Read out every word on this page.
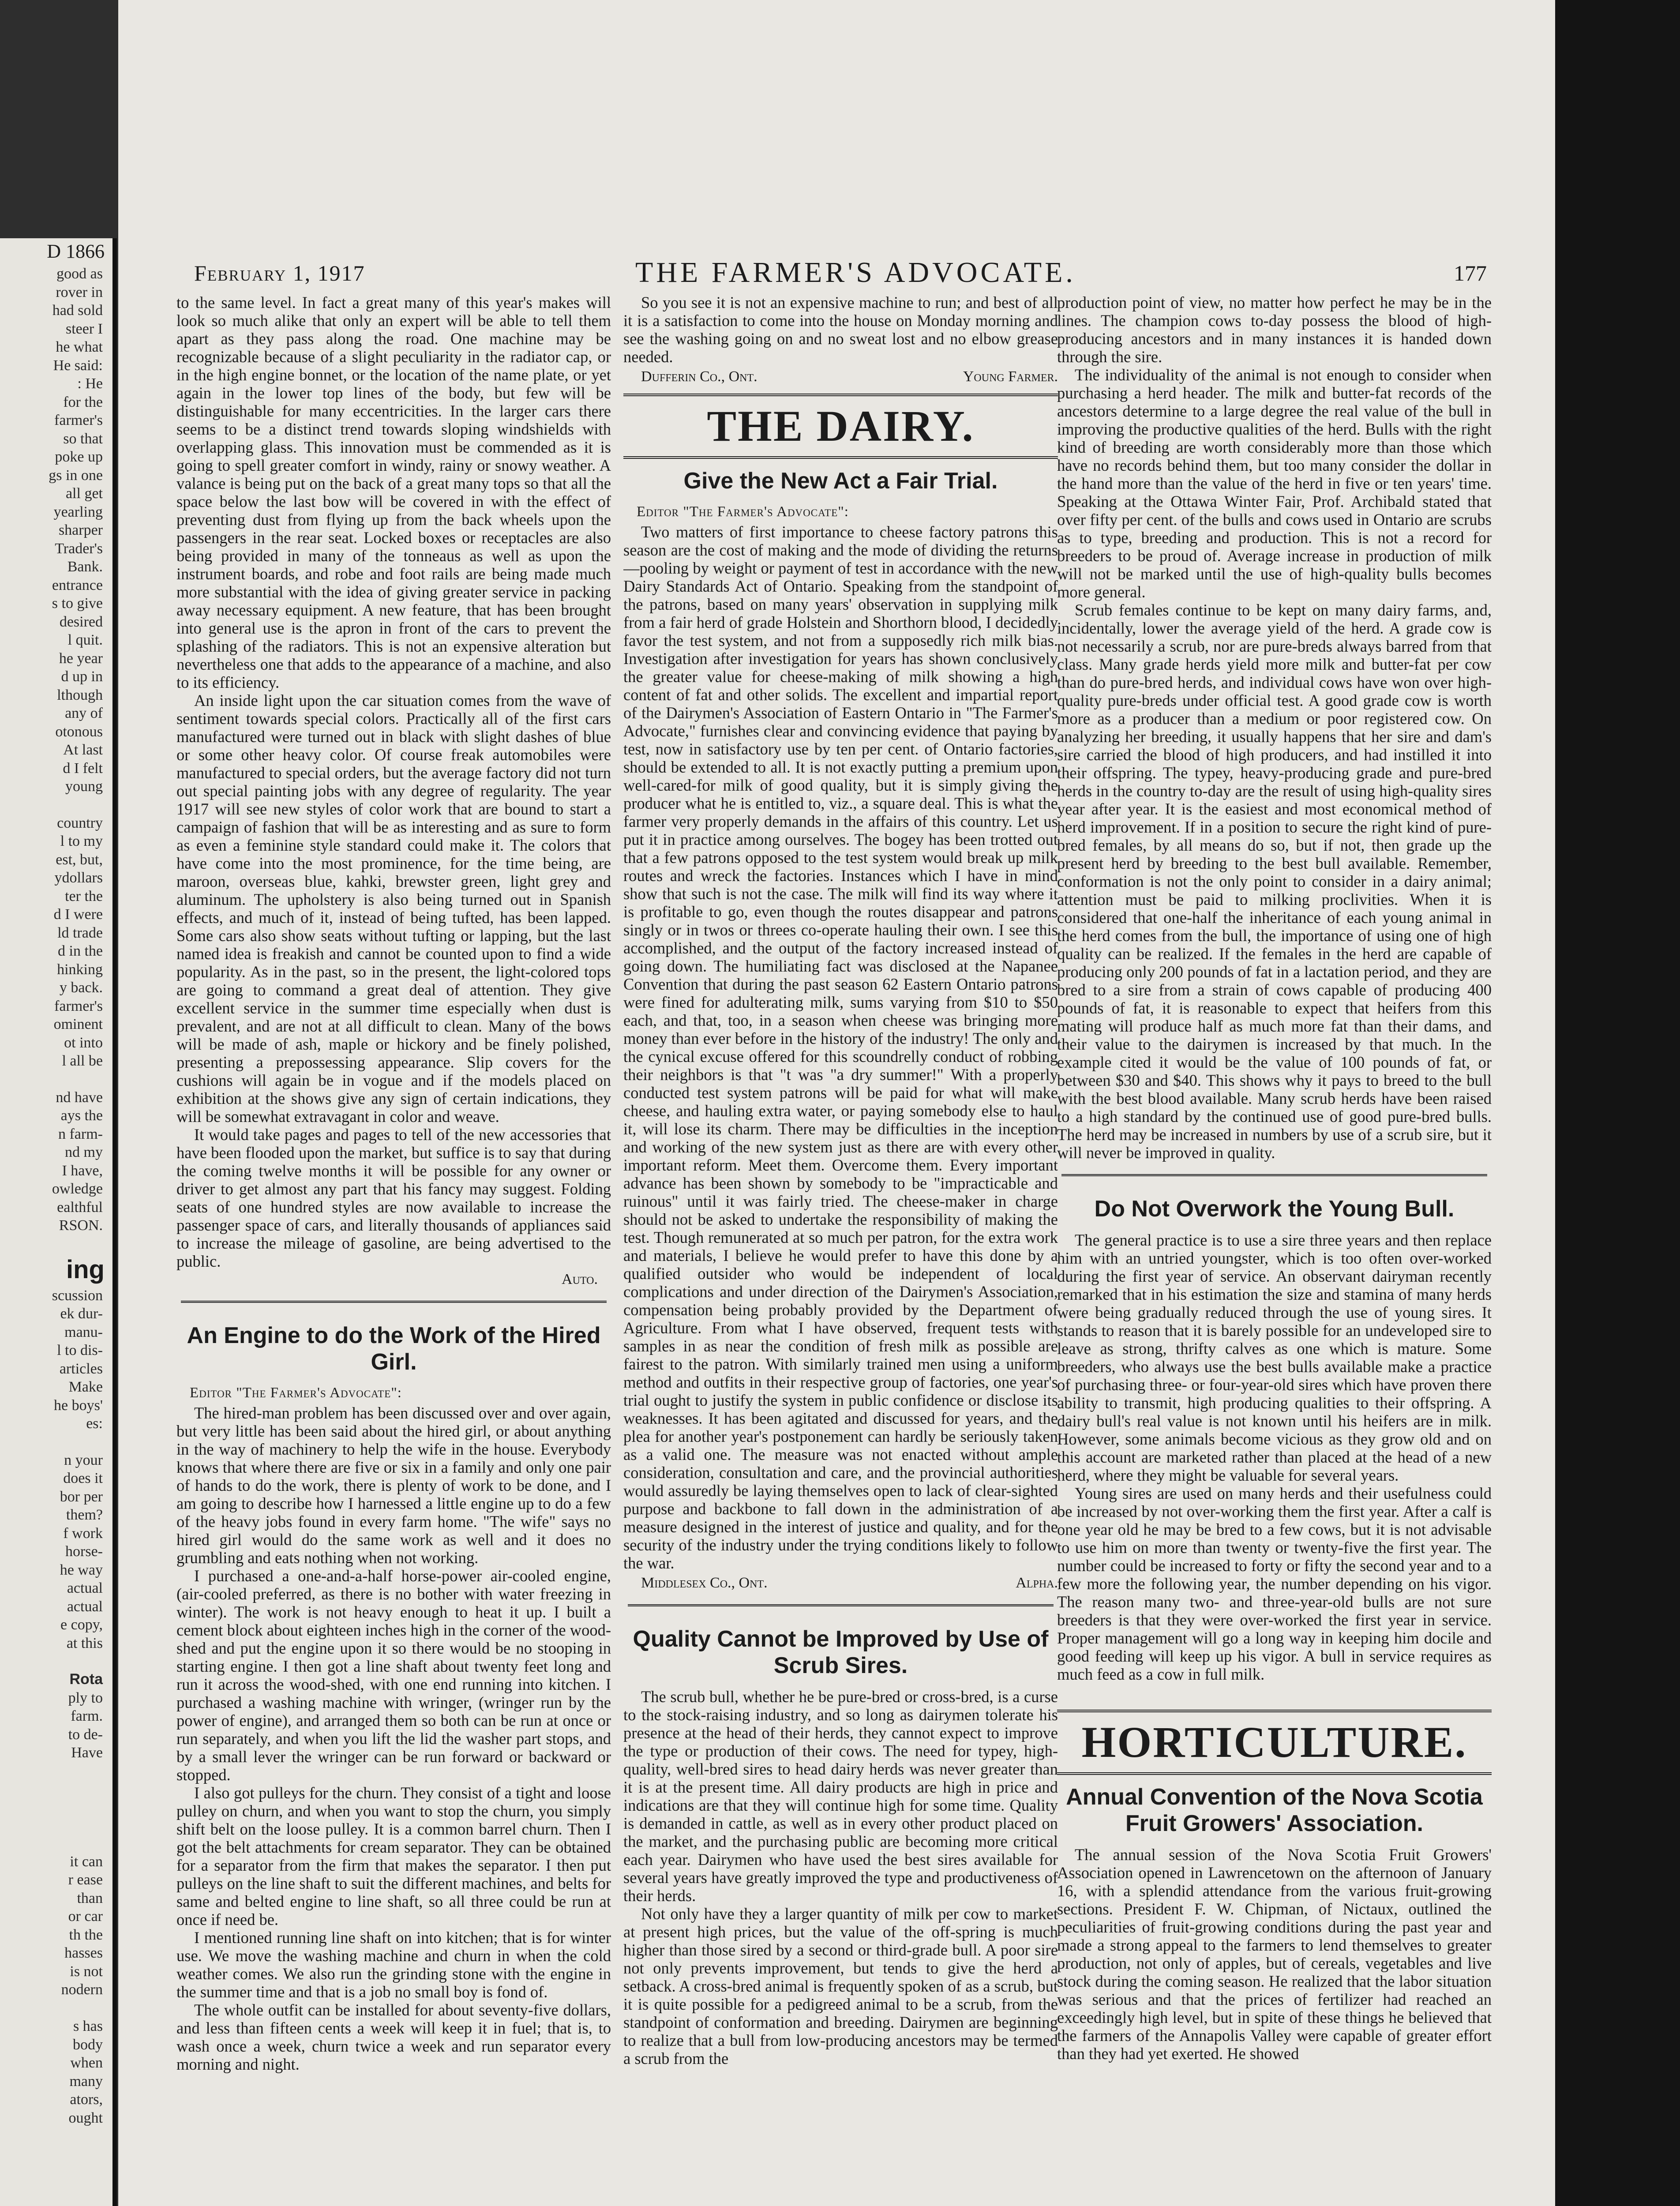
D 1866
good as
rover in
had sold
steer I
he what
He said:
: He
for the
farmer's
so that
poke up
gs in one
all get
yearling
sharper
Trader's
Bank.
entrance
s to give
desired
l quit.
he year
d up in
lthough
any of
otonous
At last
d I felt
young
country
l to my
est, but,
ydollars
ter the
d I were
ld trade
d in the
hinking
y back.
farmer's
ominent
ot into
l all be
nd have
ays the
n farm-
nd my
I have,
owledge
ealthful
RSON.
ing
scussion
ek dur-
manu-
l to dis-
articles
Make
he boys'
es:
n your
does it
bor per
them?
f work
horse-
he way
actual
actual
e copy,
at this
Rota
ply to
farm.
to de-
Have
it can
r ease
than
or car
th the
hasses
is not
nodern

s has
body
when
many
ators,
ought
February 1, 1917	THE FARMER'S ADVOCATE.	177

to the same level. In fact a great many of this year's makes will look so much alike that only an expert will be able to tell them apart as they pass along the road. One machine may be recognizable because of a slight peculiarity in the radiator cap, or in the high engine bonnet, or the location of the name plate, or yet again in the lower top lines of the body, but few will be distinguishable for many eccentricities. In the larger cars there seems to be a distinct trend towards sloping windshields with overlapping glass. This innovation must be commended as it is going to spell greater comfort in windy, rainy or snowy weather. A valance is being put on the back of a great many tops so that all the space below the last bow will be covered in with the effect of preventing dust from flying up from the back wheels upon the passengers in the rear seat. Locked boxes or receptacles are also being provided in many of the tonneaus as well as upon the instrument boards, and robe and foot rails are being made much more substantial with the idea of giving greater service in packing away necessary equipment. A new feature, that has been brought into general use is the apron in front of the cars to prevent the splashing of the radiators. This is not an expensive alteration but nevertheless one that adds to the appearance of a machine, and also to its efficiency.

An inside light upon the car situation comes from the wave of sentiment towards special colors. Practically all of the first cars manufactured were turned out in black with slight dashes of blue or some other heavy color. Of course freak automobiles were manufactured to special orders, but the average factory did not turn out special painting jobs with any degree of regularity. The year 1917 will see new styles of color work that are bound to start a campaign of fashion that will be as interesting and as sure to form as even a feminine style standard could make it. The colors that have come into the most prominence, for the time being, are maroon, overseas blue, kahki, brewster green, light grey and aluminum. The upholstery is also being turned out in Spanish effects, and much of it, instead of being tufted, has been lapped. Some cars also show seats without tufting or lapping, but the last named idea is freakish and cannot be counted upon to find a wide popularity. As in the past, so in the present, the light-colored tops are going to command a great deal of attention. They give excellent service in the summer time especially when dust is prevalent, and are not at all difficult to clean. Many of the bows will be made of ash, maple or hickory and be finely polished, presenting a prepossessing appearance. Slip covers for the cushions will again be in vogue and if the models placed on exhibition at the shows give any sign of certain indications, they will be somewhat extravagant in color and weave.

It would take pages and pages to tell of the new accessories that have been flooded upon the market, but suffice is to say that during the coming twelve months it will be possible for any owner or driver to get almost any part that his fancy may suggest. Folding seats of one hundred styles are now available to increase the passenger space of cars, and literally thousands of appliances said to increase the mileage of gasoline, are being advertised to the public.

Auto.
An Engine to do the Work of the Hired Girl.
Editor "The Farmer's Advocate":

The hired-man problem has been discussed over and over again, but very little has been said about the hired girl, or about anything in the way of machinery to help the wife in the house. Everybody knows that where there are five or six in a family and only one pair of hands to do the work, there is plenty of work to be done, and I am going to describe how I harnessed a little engine up to do a few of the heavy jobs found in every farm home. "The wife" says no hired girl would do the same work as well and it does no grumbling and eats nothing when not working.

I purchased a one-and-a-half horse-power air-cooled engine, (air-cooled preferred, as there is no bother with water freezing in winter). The work is not heavy enough to heat it up. I built a cement block about eighteen inches high in the corner of the wood-shed and put the engine upon it so there would be no stooping in starting engine. I then got a line shaft about twenty feet long and run it across the wood-shed, with one end running into kitchen. I purchased a washing machine with wringer, (wringer run by the power of engine), and arranged them so both can be run at once or run separately, and when you lift the lid the washer part stops, and by a small lever the wringer can be run forward or backward or stopped.

I also got pulleys for the churn. They consist of a tight and loose pulley on churn, and when you want to stop the churn, you simply shift belt on the loose pulley. It is a common barrel churn. Then I got the belt attachments for cream separator. They can be obtained for a separator from the firm that makes the separator. I then put pulleys on the line shaft to suit the different machines, and belts for same and belted engine to line shaft, so all three could be run at once if need be.

I mentioned running line shaft on into kitchen; that is for winter use. We move the washing machine and churn in when the cold weather comes. We also run the grinding stone with the engine in the summer time and that is a job no small boy is fond of.

The whole outfit can be installed for about seventy-five dollars, and less than fifteen cents a week will keep it in fuel; that is, to wash once a week, churn twice a week and run separator every morning and night.

So you see it is not an expensive machine to run; and best of all it is a satisfaction to come into the house on Monday morning and see the washing going on and no sweat lost and no elbow grease needed.

Dufferin Co., Ont.	Young Farmer.
THE DAIRY.
Give the New Act a Fair Trial.
Editor "The Farmer's Advocate":

Two matters of first importance to cheese factory patrons this season are the cost of making and the mode of dividing the returns—pooling by weight or payment of test in accordance with the new Dairy Standards Act of Ontario. Speaking from the standpoint of the patrons, based on many years' observation in supplying milk from a fair herd of grade Holstein and Shorthorn blood, I decidedly favor the test system, and not from a supposedly rich milk bias. Investigation after investigation for years has shown conclusively the greater value for cheese-making of milk showing a high content of fat and other solids. The excellent and impartial report of the Dairymen's Association of Eastern Ontario in "The Farmer's Advocate," furnishes clear and convincing evidence that paying by test, now in satisfactory use by ten per cent. of Ontario factories, should be extended to all. It is not exactly putting a premium upon well-cared-for milk of good quality, but it is simply giving the producer what he is entitled to, viz., a square deal. This is what the farmer very properly demands in the affairs of this country. Let us put it in practice among ourselves. The bogey has been trotted out that a few patrons opposed to the test system would break up milk routes and wreck the factories. Instances which I have in mind show that such is not the case. The milk will find its way where it is profitable to go, even though the routes disappear and patrons singly or in twos or threes co-operate hauling their own. I see this accomplished, and the output of the factory increased instead of going down. The humiliating fact was disclosed at the Napanee Convention that during the past season 62 Eastern Ontario patrons were fined for adulterating milk, sums varying from $10 to $50 each, and that, too, in a season when cheese was bringing more money than ever before in the history of the industry! The only and the cynical excuse offered for this scoundrelly conduct of robbing their neighbors is that "t was "a dry summer!" With a properly conducted test system patrons will be paid for what will make cheese, and hauling extra water, or paying somebody else to haul it, will lose its charm. There may be difficulties in the inception and working of the new system just as there are with every other important reform. Meet them. Overcome them. Every important advance has been shown by somebody to be "impracticable and ruinous" until it was fairly tried. The cheese-maker in charge should not be asked to undertake the responsibility of making the test. Though remunerated at so much per patron, for the extra work and materials, I believe he would prefer to have this done by a qualified outsider who would be independent of local complications and under direction of the Dairymen's Association, compensation being probably provided by the Department of Agriculture. From what I have observed, frequent tests with samples in as near the condition of fresh milk as possible are fairest to the patron. With similarly trained men using a uniform method and outfits in their respective group of factories, one year's trial ought to justify the system in public confidence or disclose its weaknesses. It has been agitated and discussed for years, and the plea for another year's postponement can hardly be seriously taken as a valid one. The measure was not enacted without ample consideration, consultation and care, and the provincial authorities would assuredly be laying themselves open to lack of clear-sighted purpose and backbone to fall down in the administration of a measure designed in the interest of justice and quality, and for the security of the industry under the trying conditions likely to follow the war.

Middlesex Co., Ont.	Alpha.
Quality Cannot be Improved by Use of Scrub Sires.

The scrub bull, whether he be pure-bred or cross-bred, is a curse to the stock-raising industry, and so long as dairymen tolerate his presence at the head of their herds, they cannot expect to improve the type or production of their cows. The need for typey, high-quality, well-bred sires to head dairy herds was never greater than it is at the present time. All dairy products are high in price and indications are that they will continue high for some time. Quality is demanded in cattle, as well as in every other product placed on the market, and the purchasing public are becoming more critical each year. Dairymen who have used the best sires available for several years have greatly improved the type and productiveness of their herds.

Not only have they a larger quantity of milk per cow to market at present high prices, but the value of the off-spring is much higher than those sired by a second or third-grade bull. A poor sire not only prevents improvement, but tends to give the herd a setback. A cross-bred animal is frequently spoken of as a scrub, but it is quite possible for a pedigreed animal to be a scrub, from the standpoint of conformation and breeding. Dairymen are beginning to realize that a bull from low-producing ancestors may be termed a scrub from the

production point of view, no matter how perfect he may be in the lines. The champion cows to-day possess the blood of high-producing ancestors and in many instances it is handed down through the sire.

The individuality of the animal is not enough to consider when purchasing a herd header. The milk and butter-fat records of the ancestors determine to a large degree the real value of the bull in improving the productive qualities of the herd. Bulls with the right kind of breeding are worth considerably more than those which have no records behind them, but too many consider the dollar in the hand more than the value of the herd in five or ten years' time. Speaking at the Ottawa Winter Fair, Prof. Archibald stated that over fifty per cent. of the bulls and cows used in Ontario are scrubs as to type, breeding and production. This is not a record for breeders to be proud of. Average increase in production of milk will not be marked until the use of high-quality bulls becomes more general.

Scrub females continue to be kept on many dairy farms, and, incidentally, lower the average yield of the herd. A grade cow is not necessarily a scrub, nor are pure-breds always barred from that class. Many grade herds yield more milk and butter-fat per cow than do pure-bred herds, and individual cows have won over high-quality pure-breds under official test. A good grade cow is worth more as a producer than a medium or poor registered cow. On analyzing her breeding, it usually happens that her sire and dam's sire carried the blood of high producers, and had instilled it into their offspring. The typey, heavy-producing grade and pure-bred herds in the country to-day are the result of using high-quality sires year after year. It is the easiest and most economical method of herd improvement. If in a position to secure the right kind of pure-bred females, by all means do so, but if not, then grade up the present herd by breeding to the best bull available. Remember, conformation is not the only point to consider in a dairy animal; attention must be paid to milking proclivities. When it is considered that one-half the inheritance of each young animal in the herd comes from the bull, the importance of using one of high quality can be realized. If the females in the herd are capable of producing only 200 pounds of fat in a lactation period, and they are bred to a sire from a strain of cows capable of producing 400 pounds of fat, it is reasonable to expect that heifers from this mating will produce half as much more fat than their dams, and their value to the dairymen is increased by that much. In the example cited it would be the value of 100 pounds of fat, or between $30 and $40. This shows why it pays to breed to the bull with the best blood available. Many scrub herds have been raised to a high standard by the continued use of good pure-bred bulls. The herd may be increased in numbers by use of a scrub sire, but it will never be improved in quality.

Do Not Overwork the Young Bull.

The general practice is to use a sire three years and then replace him with an untried youngster, which is too often over-worked during the first year of service. An observant dairyman recently remarked that in his estimation the size and stamina of many herds were being gradually reduced through the use of young sires. It stands to reason that it is barely possible for an undeveloped sire to leave as strong, thrifty calves as one which is mature. Some breeders, who always use the best bulls available make a practice of purchasing three- or four-year-old sires which have proven there ability to transmit, high producing qualities to their offspring. A dairy bull's real value is not known until his heifers are in milk. However, some animals become vicious as they grow old and on this account are marketed rather than placed at the head of a new herd, where they might be valuable for several years.

Young sires are used on many herds and their usefulness could be increased by not over-working them the first year. After a calf is one year old he may be bred to a few cows, but it is not advisable to use him on more than twenty or twenty-five the first year. The number could be increased to forty or fifty the second year and to a few more the following year, the number depending on his vigor. The reason many two- and three-year-old bulls are not sure breeders is that they were over-worked the first year in service. Proper management will go a long way in keeping him docile and good feeding will keep up his vigor. A bull in service requires as much feed as a cow in full milk.

HORTICULTURE.
Annual Convention of the Nova Scotia Fruit Growers' Association.

The annual session of the Nova Scotia Fruit Growers' Association opened in Lawrencetown on the afternoon of January 16, with a splendid attendance from the various fruit-growing sections. President F. W. Chipman, of Nictaux, outlined the peculiarities of fruit-growing conditions during the past year and made a strong appeal to the farmers to lend themselves to greater production, not only of apples, but of cereals, vegetables and live stock during the coming season. He realized that the labor situation was serious and that the prices of fertilizer had reached an exceedingly high level, but in spite of these things he believed that the farmers of the Annapolis Valley were capable of greater effort than they had yet exerted. He showed
